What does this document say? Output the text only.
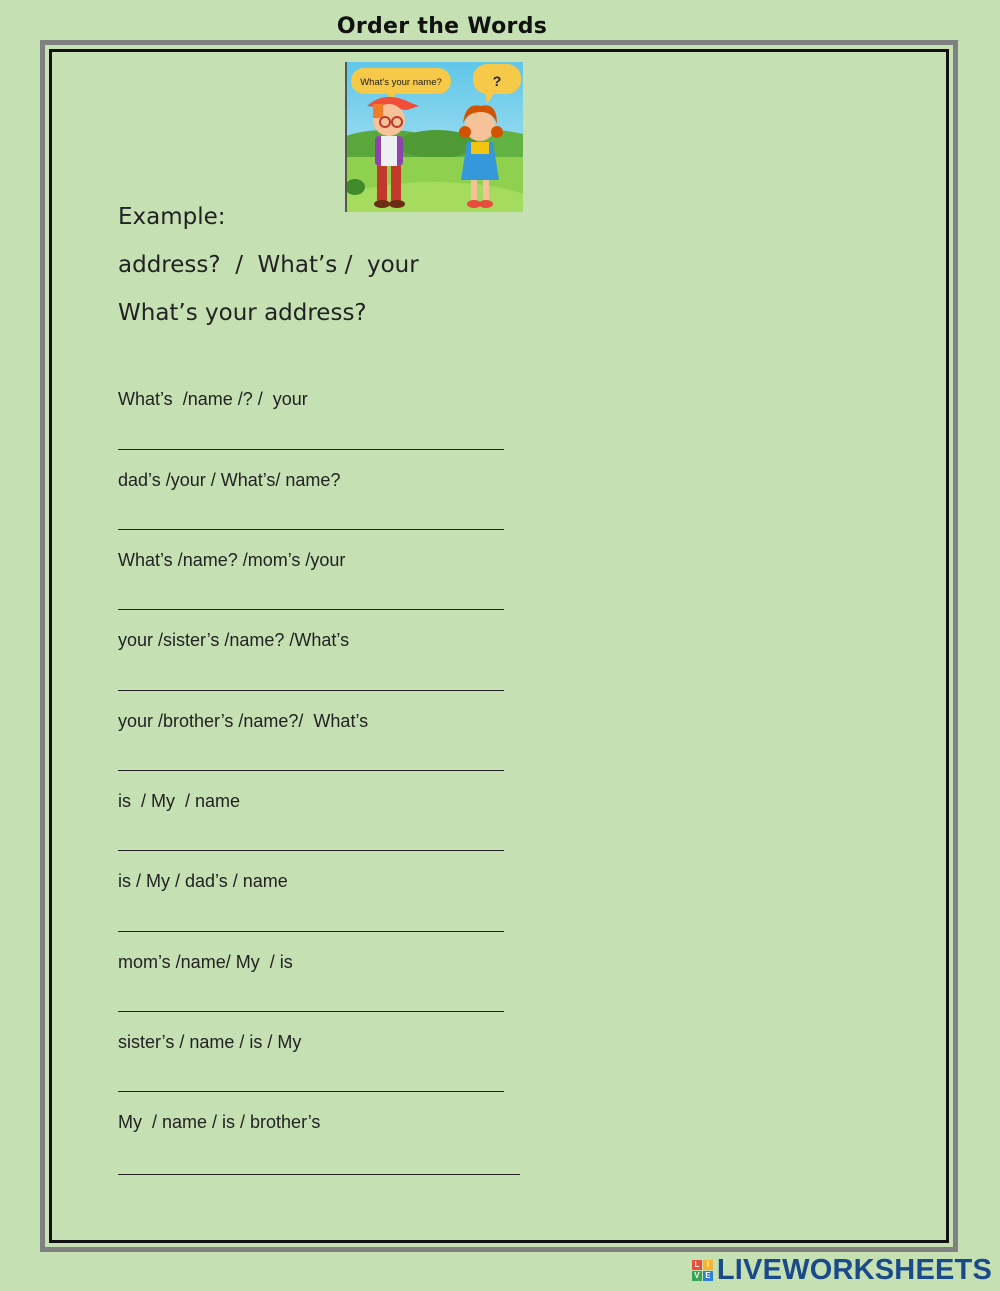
Order the Words
What's your name?	?
Example:
address?  /  What’s /  your
What’s your address?
What’s  /name /? /  your
dad’s /your / What’s/ name?
What’s /name? /mom’s /your
your /sister’s /name? /What’s
your /brother’s /name?/  What’s
is  / My  / name
is / My / dad’s / name
mom’s /name/ My  / is
sister’s / name / is / My
My  / name / is / brother’s
L I
V E LIVEWORKSHEETS
